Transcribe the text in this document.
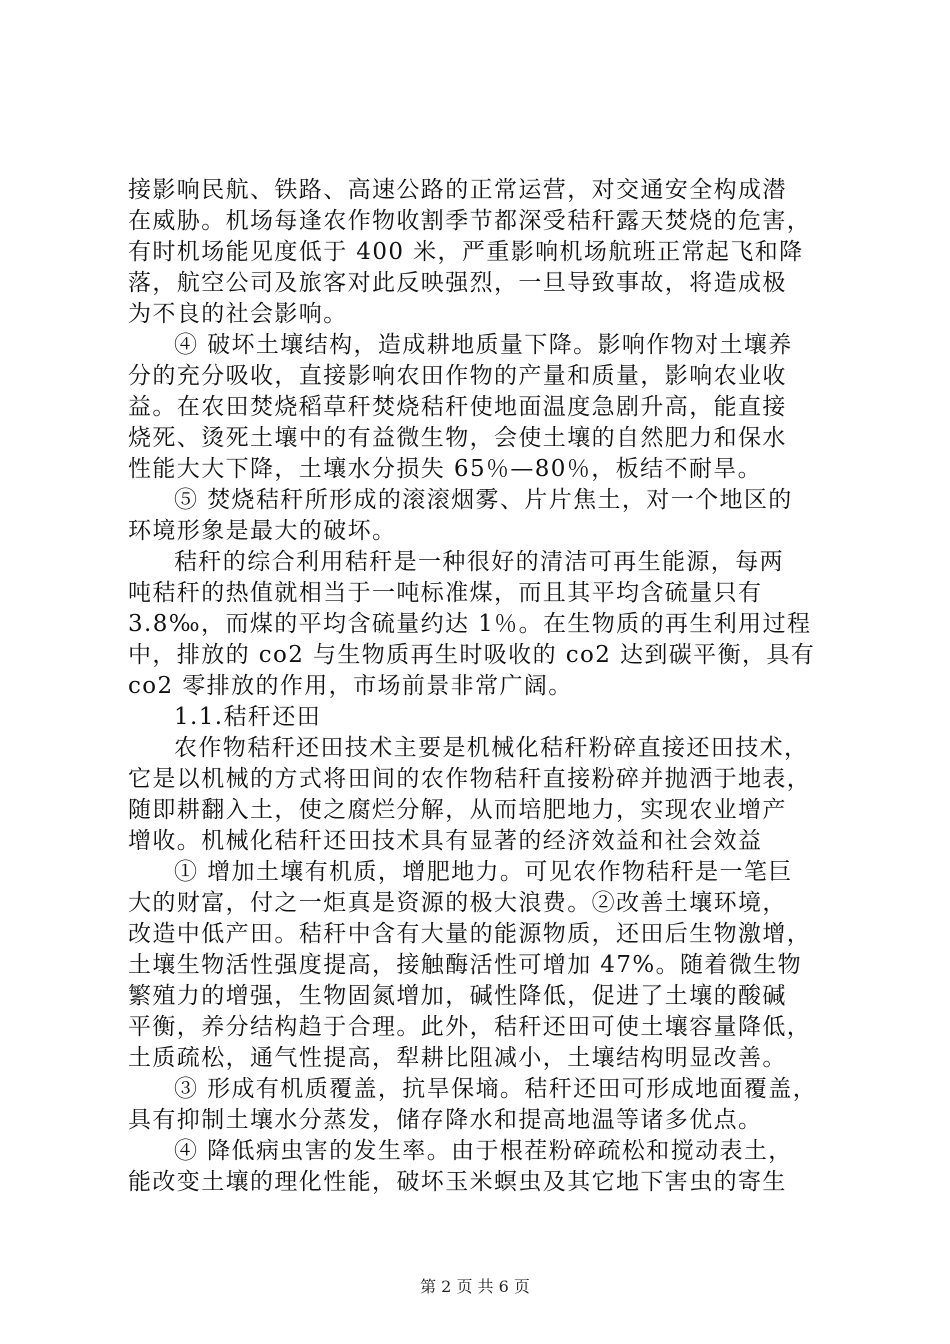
接影响民航、铁路、高速公路的正常运营，对交通安全构成潜
在威胁。机场每逢农作物收割季节都深受秸秆露天焚烧的危害，
有时机场能见度低于 400 米，严重影响机场航班正常起飞和降
落，航空公司及旅客对此反映强烈，一旦导致事故，将造成极
为不良的社会影响。
④ 破坏土壤结构，造成耕地质量下降。影响作物对土壤养
分的充分吸收，直接影响农田作物的产量和质量，影响农业收
益。在农田焚烧稻草秆焚烧秸秆使地面温度急剧升高，能直接
烧死、烫死土壤中的有益微生物，会使土壤的自然肥力和保水
性能大大下降，土壤水分损失 65％—80％，板结不耐旱。
⑤ 焚烧秸秆所形成的滚滚烟雾、片片焦土，对一个地区的
环境形象是最大的破坏。
秸秆的综合利用秸秆是一种很好的清洁可再生能源，每两
吨秸秆的热值就相当于一吨标准煤，而且其平均含硫量只有
3.8‰，而煤的平均含硫量约达 1％。在生物质的再生利用过程
中，排放的 co2 与生物质再生时吸收的 co2 达到碳平衡，具有
co2 零排放的作用，市场前景非常广阔。
1.1.秸秆还田
农作物秸秆还田技术主要是机械化秸秆粉碎直接还田技术，
它是以机械的方式将田间的农作物秸秆直接粉碎并抛洒于地表，
随即耕翻入土，使之腐烂分解，从而培肥地力，实现农业增产
增收。机械化秸秆还田技术具有显著的经济效益和社会效益
① 增加土壤有机质，增肥地力。可见农作物秸秆是一笔巨
大的财富，付之一炬真是资源的极大浪费。②改善土壤环境，
改造中低产田。秸秆中含有大量的能源物质，还田后生物激增，
土壤生物活性强度提高，接触酶活性可增加 47%。随着微生物
繁殖力的增强，生物固氮增加，碱性降低，促进了土壤的酸碱
平衡，养分结构趋于合理。此外，秸秆还田可使土壤容量降低，
土质疏松，通气性提高，犁耕比阻减小，土壤结构明显改善。
③ 形成有机质覆盖，抗旱保墒。秸秆还田可形成地面覆盖，
具有抑制土壤水分蒸发，储存降水和提高地温等诸多优点。
④ 降低病虫害的发生率。由于根茬粉碎疏松和搅动表土，
能改变土壤的理化性能，破坏玉米螟虫及其它地下害虫的寄生
第 2 页 共 6 页
